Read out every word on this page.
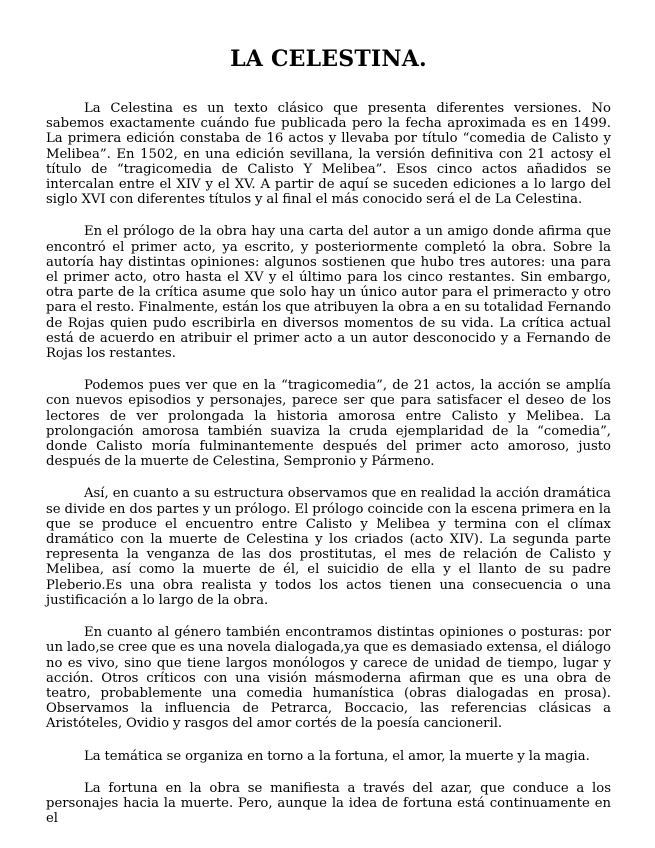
LA CELESTINA.

La Celestina es un texto clásico que presenta diferentes versiones. No sabemos exactamente cuándo fue publicada pero la fecha aproximada es en 1499. La primera edición constaba de 16 actos y llevaba por título “comedia de Calisto y Melibea”. En 1502, en una edición sevillana, la versión definitiva con 21 actosy el título de “tragicomedia de Calisto Y Melibea”. Esos cinco actos añadidos se intercalan entre el XIV y el XV. A partir de aquí se suceden ediciones a lo largo del siglo XVI con diferentes títulos y al final el más conocido será el de La Celestina.

En el prólogo de la obra hay una carta del autor a un amigo donde afirma que encontró el primer acto, ya escrito, y posteriormente completó la obra. Sobre la autoría hay distintas opiniones: algunos sostienen que hubo tres autores: una para el primer acto, otro hasta el XV y el último para los cinco restantes. Sin embargo, otra parte de la crítica asume que solo hay un único autor para el primeracto y otro para el resto. Finalmente, están los que atribuyen la obra a en su totalidad Fernando de Rojas quien pudo escribirla en diversos momentos de su vida. La crítica actual está de acuerdo en atribuir el primer acto a un autor desconocido y a Fernando de Rojas los restantes.

Podemos pues ver que en la “tragicomedia”, de 21 actos, la acción se amplía con nuevos episodios y personajes, parece ser que para satisfacer el deseo de los lectores de ver prolongada la historia amorosa entre Calisto y Melibea. La prolongación amorosa también suaviza la cruda ejemplaridad de la “comedia”, donde Calisto moría fulminantemente después del primer acto amoroso, justo después de la muerte de Celestina, Sempronio y Pármeno.

Así, en cuanto a su estructura observamos que en realidad la acción dramática se divide en dos partes y un prólogo. El prólogo coincide con la escena primera en la que se produce el encuentro entre Calisto y Melibea y termina con el clímax dramático con la muerte de Celestina y los criados (acto XIV). La segunda parte representa la venganza de las dos prostitutas, el mes de relación de Calisto y Melibea, así como la muerte de él, el suicidio de ella y el llanto de su padre Pleberio.Es una obra realista y todos los actos tienen una consecuencia o una justificación a lo largo de la obra.

En cuanto al género también encontramos distintas opiniones o posturas: por un lado,se cree que es una novela dialogada,ya que es demasiado extensa, el diálogo no es vivo, sino que tiene largos monólogos y carece de unidad de tiempo, lugar y acción. Otros críticos con una visión másmoderna afirman que es una obra de teatro, probablemente una comedia humanística (obras dialogadas en prosa). Observamos la influencia de Petrarca, Boccacio, las referencias clásicas a Aristóteles, Ovidio y rasgos del amor cortés de la poesía cancioneril.

La temática se organiza en torno a la fortuna, el amor, la muerte y la magia.

La fortuna en la obra se manifiesta a través del azar, que conduce a los personajes hacia la muerte. Pero, aunque la idea de fortuna está continuamente en el
